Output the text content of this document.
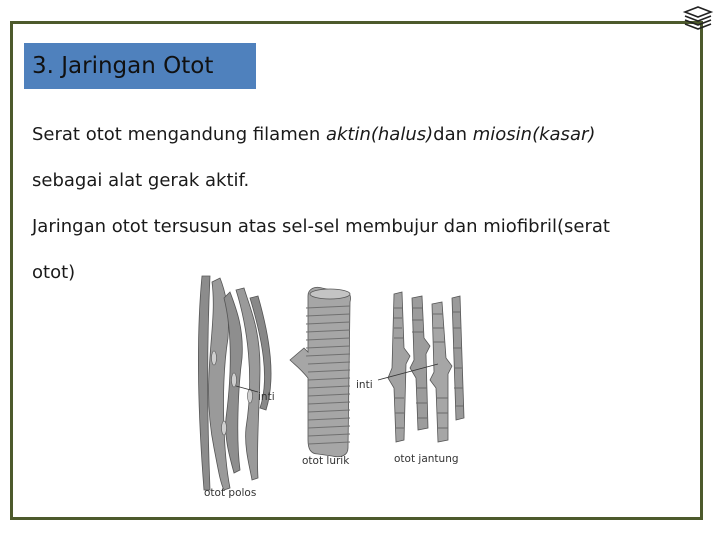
3. Jaringan Otot

Serat otot mengandung filamen aktin(halus)dan miosin(kasar)

sebagai alat gerak aktif.

Jaringan otot tersusun atas sel-sel membujur dan miofibril(serat

otot)

inti
otot polos
otot lurik
inti
otot jantung
